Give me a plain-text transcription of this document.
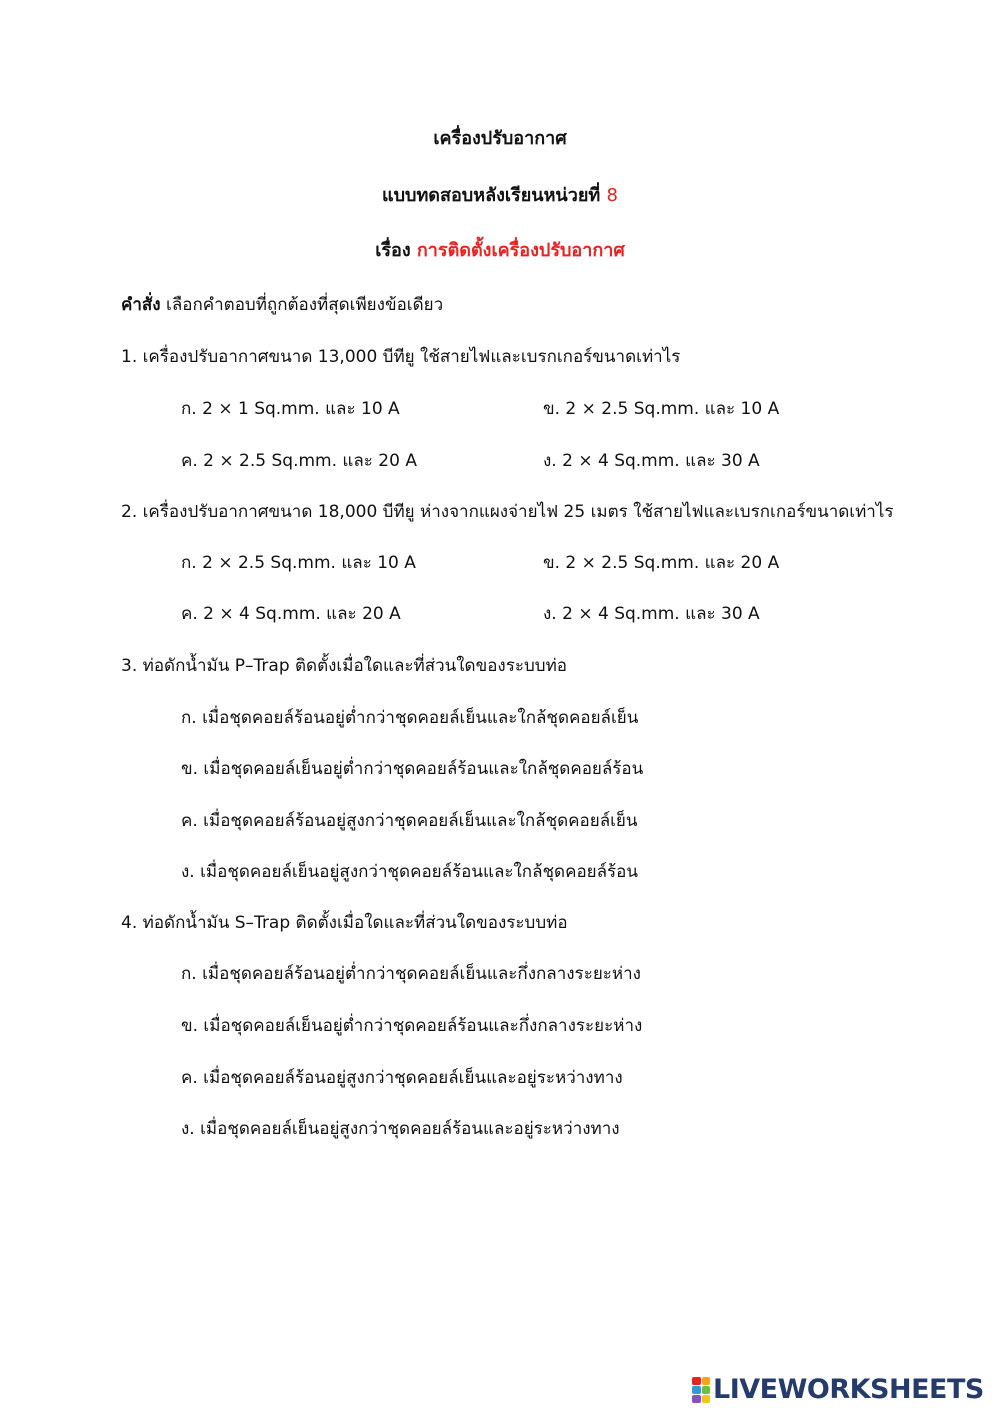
เครื่องปรับอากาศ
แบบทดสอบหลังเรียนหน่วยที่ 8
เรื่อง การติดตั้งเครื่องปรับอากาศ
คำสั่ง เลือกคำตอบที่ถูกต้องที่สุดเพียงข้อเดียว
1. เครื่องปรับอากาศขนาด 13,000 บีทียู ใช้สายไฟและเบรกเกอร์ขนาดเท่าไร
ก. 2 × 1 Sq.mm. และ 10 A	ข. 2 × 2.5 Sq.mm. และ 10 A
ค. 2 × 2.5 Sq.mm. และ 20 A	ง. 2 × 4 Sq.mm. และ 30 A
2. เครื่องปรับอากาศขนาด 18,000 บีทียู ห่างจากแผงจ่ายไฟ 25 เมตร ใช้สายไฟและเบรกเกอร์ขนาดเท่าไร
ก. 2 × 2.5 Sq.mm. และ 10 A	ข. 2 × 2.5 Sq.mm. และ 20 A
ค. 2 × 4 Sq.mm. และ 20 A	ง. 2 × 4 Sq.mm. และ 30 A
3. ท่อดักน้ำมัน P–Trap ติดตั้งเมื่อใดและที่ส่วนใดของระบบท่อ
ก. เมื่อชุดคอยล์ร้อนอยู่ต่ำกว่าชุดคอยล์เย็นและใกล้ชุดคอยล์เย็น
ข. เมื่อชุดคอยล์เย็นอยู่ต่ำกว่าชุดคอยล์ร้อนและใกล้ชุดคอยล์ร้อน
ค. เมื่อชุดคอยล์ร้อนอยู่สูงกว่าชุดคอยล์เย็นและใกล้ชุดคอยล์เย็น
ง. เมื่อชุดคอยล์เย็นอยู่สูงกว่าชุดคอยล์ร้อนและใกล้ชุดคอยล์ร้อน
4. ท่อดักน้ำมัน S–Trap ติดตั้งเมื่อใดและที่ส่วนใดของระบบท่อ
ก. เมื่อชุดคอยล์ร้อนอยู่ต่ำกว่าชุดคอยล์เย็นและกึ่งกลางระยะห่าง
ข. เมื่อชุดคอยล์เย็นอยู่ต่ำกว่าชุดคอยล์ร้อนและกึ่งกลางระยะห่าง
ค. เมื่อชุดคอยล์ร้อนอยู่สูงกว่าชุดคอยล์เย็นและอยู่ระหว่างทาง
ง. เมื่อชุดคอยล์เย็นอยู่สูงกว่าชุดคอยล์ร้อนและอยู่ระหว่างทาง
LIVEWORKSHEETS
